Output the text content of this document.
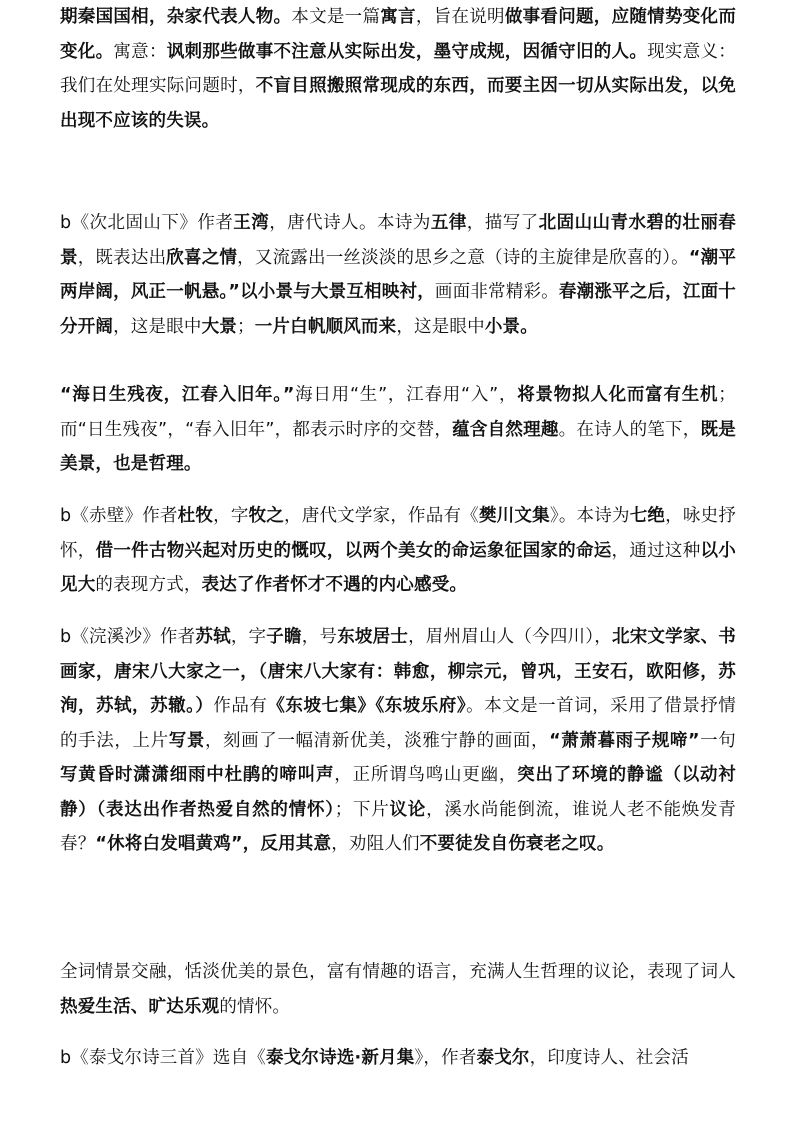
期秦国国相，杂家代表人物。本文是一篇寓言，旨在说明做事看问题，应随情势变化而变化。寓意：讽刺那些做事不注意从实际出发，墨守成规，因循守旧的人。现实意义：我们在处理实际问题时，不盲目照搬照常现成的东西，而要主因一切从实际出发，以免出现不应该的失误。

b《次北固山下》作者王湾，唐代诗人。本诗为五律，描写了北固山山青水碧的壮丽春景，既表达出欣喜之情，又流露出一丝淡淡的思乡之意（诗的主旋律是欣喜的）。“潮平两岸阔，风正一帆悬。”以小景与大景互相映衬，画面非常精彩。春潮涨平之后，江面十分开阔，这是眼中大景；一片白帆顺风而来，这是眼中小景。

“海日生残夜，江春入旧年。”海日用“生”，江春用“入”，将景物拟人化而富有生机；而“日生残夜”，“春入旧年”，都表示时序的交替，蕴含自然理趣。在诗人的笔下，既是美景，也是哲理。

b《赤壁》作者杜牧，字牧之，唐代文学家，作品有《樊川文集》。本诗为七绝，咏史抒怀，借一件古物兴起对历史的慨叹，以两个美女的命运象征国家的命运，通过这种以小见大的表现方式，表达了作者怀才不遇的内心感受。

b《浣溪沙》作者苏轼，字子瞻，号东坡居士，眉州眉山人（今四川），北宋文学家、书画家，唐宋八大家之一，（唐宋八大家有：韩愈，柳宗元，曾巩，王安石，欧阳修，苏洵，苏轼，苏辙。）作品有《东坡七集》《东坡乐府》。本文是一首词，采用了借景抒情的手法，上片写景，刻画了一幅清新优美，淡雅宁静的画面，“萧萧暮雨子规啼”一句写黄昏时潇潇细雨中杜鹃的啼叫声，正所谓鸟鸣山更幽，突出了环境的静谧（以动衬静）（表达出作者热爱自然的情怀）；下片议论，溪水尚能倒流，谁说人老不能焕发青春？“休将白发唱黄鸡”，反用其意，劝阻人们不要徒发自伤衰老之叹。

全词情景交融，恬淡优美的景色，富有情趣的语言，充满人生哲理的议论，表现了词人热爱生活、旷达乐观的情怀。

b《泰戈尔诗三首》选自《泰戈尔诗选·新月集》，作者泰戈尔，印度诗人、社会活
